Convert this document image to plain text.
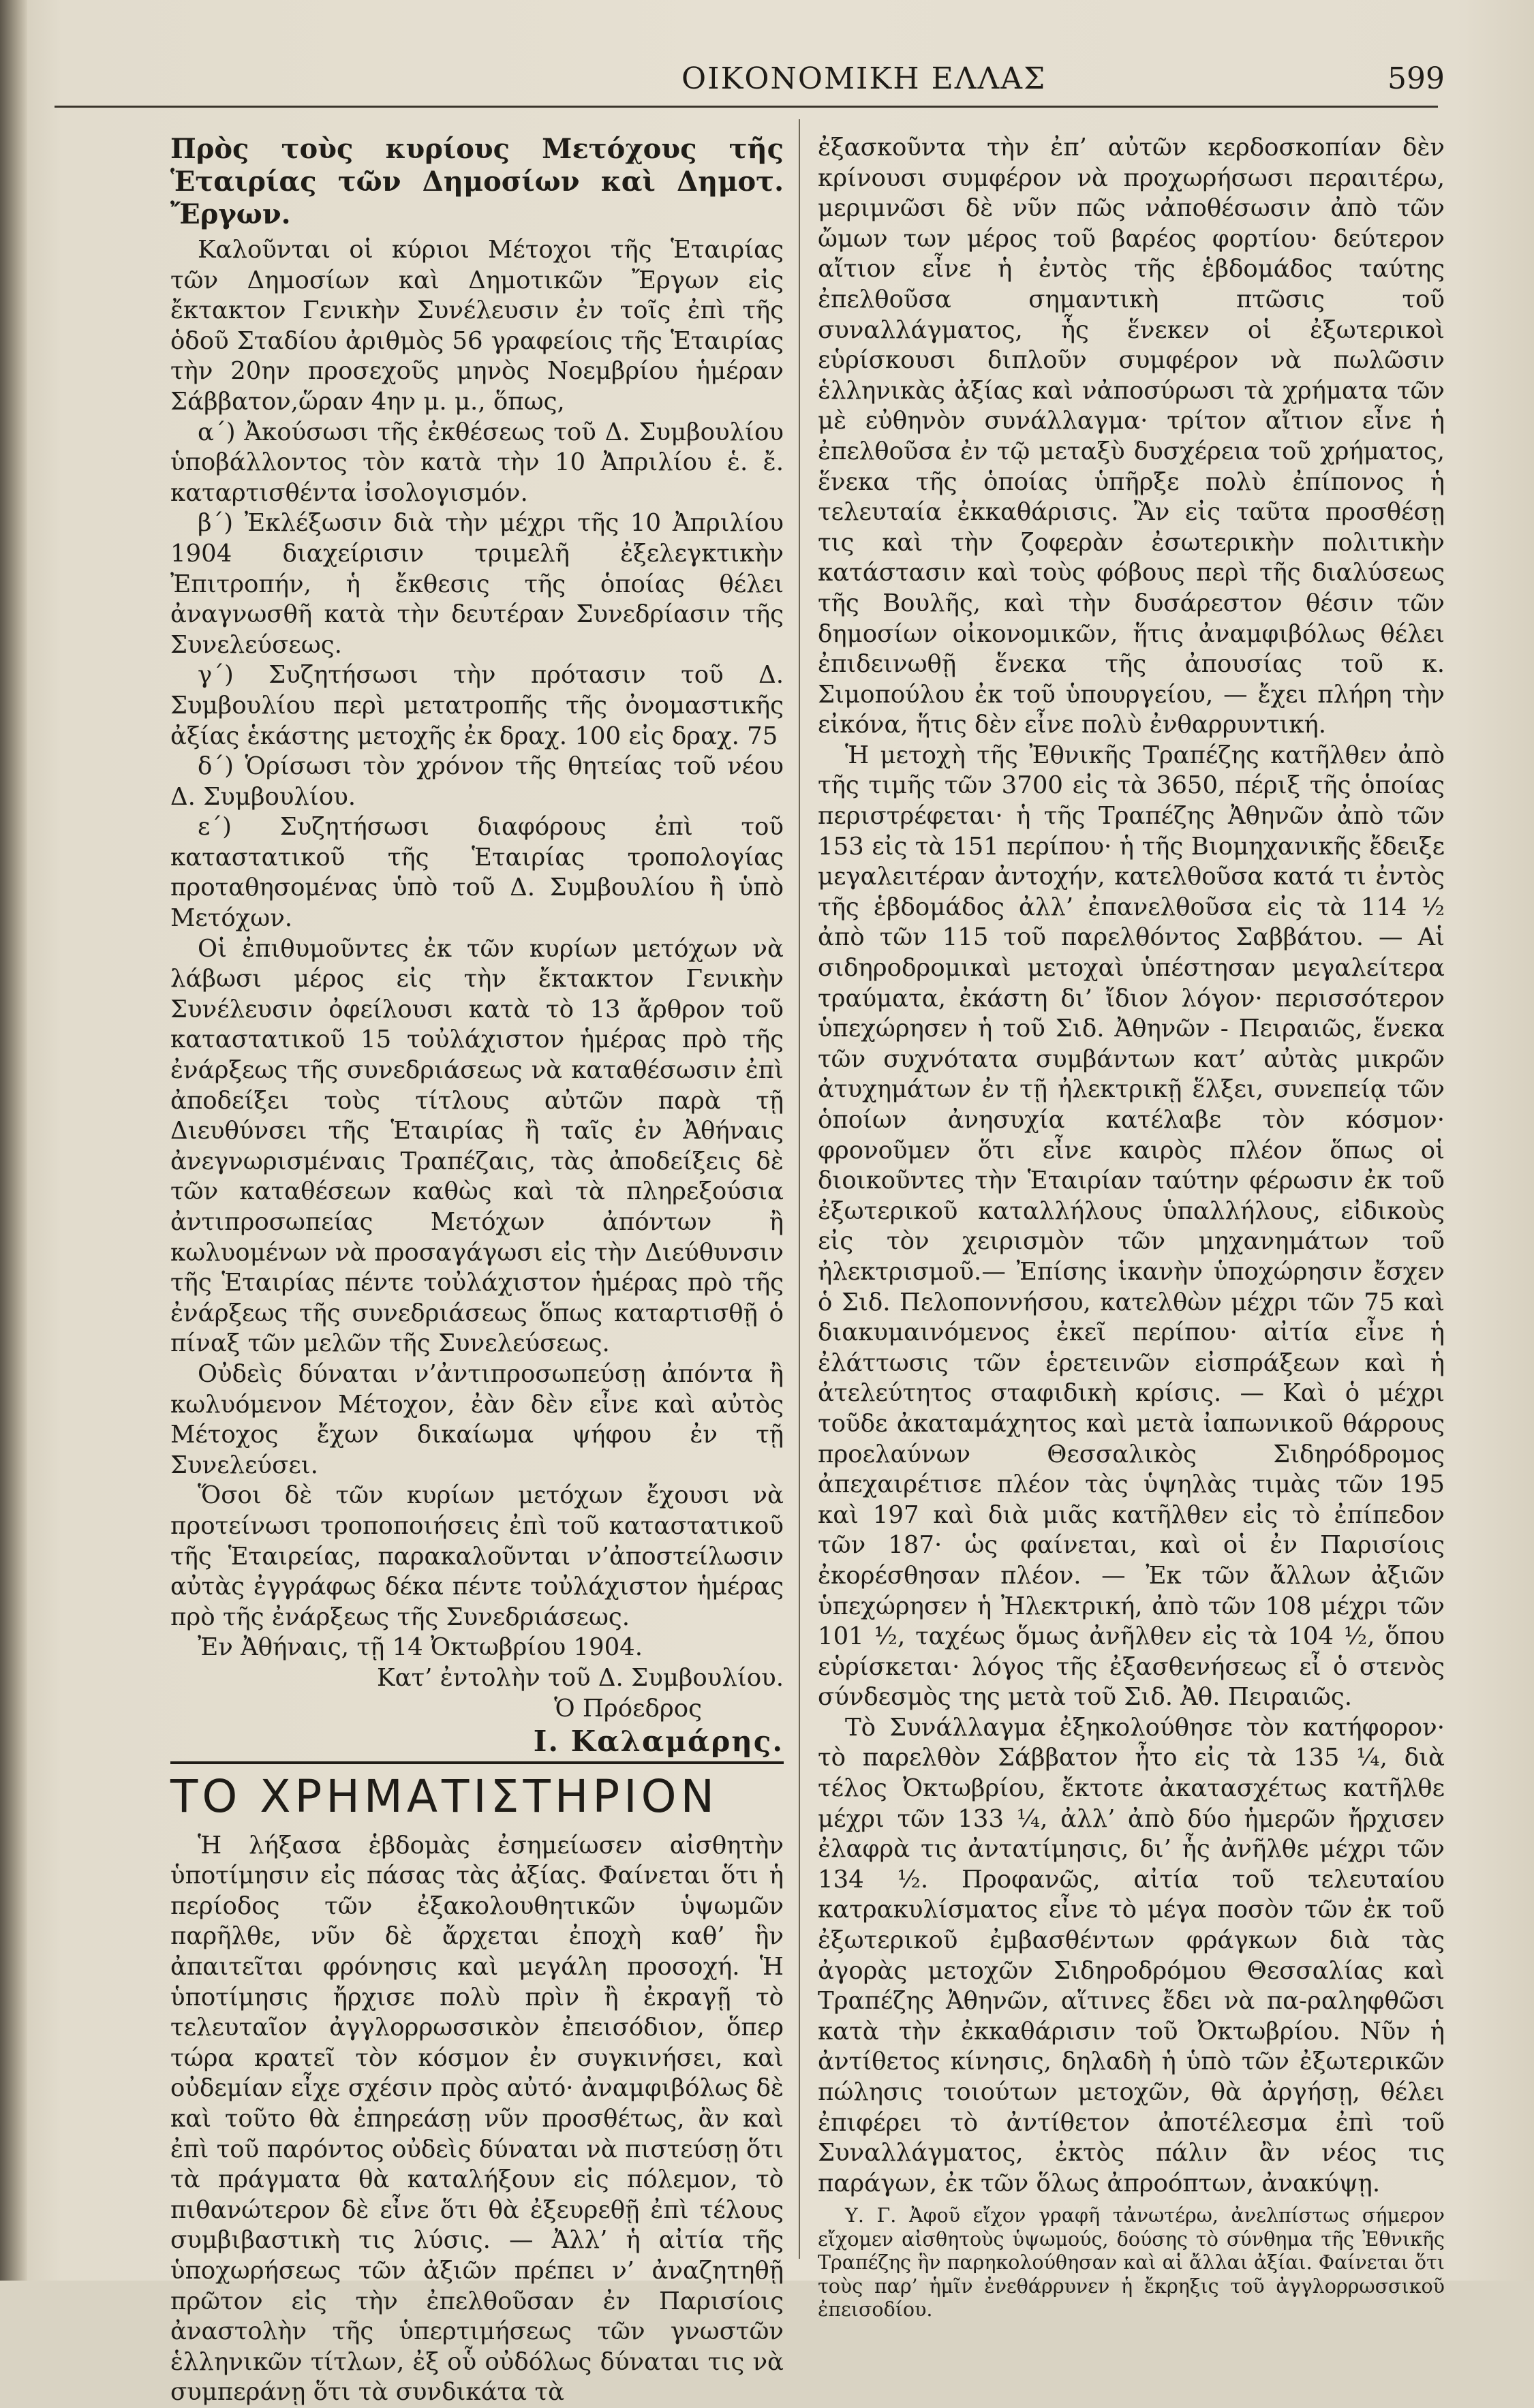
ΟΙΚΟΝΟΜΙΚΗ ΕΛΛΑΣ	599

Πρὸς τοὺς κυρίους Μετόχους τῆς Ἑταιρίας τῶν Δημοσίων καὶ Δημοτ. Ἔργων.

Καλοῦνται οἱ κύριοι Μέτοχοι τῆς Ἑταιρίας τῶν Δημοσίων καὶ Δημοτικῶν Ἔργων εἰς ἔκτακτον Γενικὴν Συνέλευσιν ἐν τοῖς ἐπὶ τῆς ὁδοῦ Σταδίου ἀριθμὸς 56 γραφείοις τῆς Ἑταιρίας τὴν 20ην προσεχοῦς μηνὸς Νοεμβρίου ἡμέραν Σάββατον,ὥραν 4ην μ. μ., ὅπως,

α΄) Ἀκούσωσι τῆς ἐκθέσεως τοῦ Δ. Συμβουλίου ὑποβάλλοντος τὸν κατὰ τὴν 10 Ἀπριλίου ἑ. ἔ. καταρτισθέντα ἰσολογισμόν.

β΄) Ἐκλέξωσιν διὰ τὴν μέχρι τῆς 10 Ἀπριλίου 1904 διαχείρισιν τριμελῆ ἐξελεγκτικὴν Ἐπιτροπήν, ἡ ἔκθεσις τῆς ὁποίας θέλει ἀναγνωσθῆ κατὰ τὴν δευτέραν Συνεδρίασιν τῆς Συνελεύσεως.

γ΄) Συζητήσωσι τὴν πρότασιν τοῦ Δ. Συμβουλίου περὶ μετατροπῆς τῆς ὀνομαστικῆς ἀξίας ἑκάστης μετοχῆς ἐκ δραχ. 100 εἰς δραχ. 75

δ΄) Ὁρίσωσι τὸν χρόνον τῆς θητείας τοῦ νέου Δ. Συμβουλίου.

ε΄) Συζητήσωσι διαφόρους ἐπὶ τοῦ καταστατικοῦ τῆς Ἑταιρίας τροπολογίας προταθησομένας ὑπὸ τοῦ Δ. Συμβουλίου ἢ ὑπὸ Μετόχων.

Οἱ ἐπιθυμοῦντες ἐκ τῶν κυρίων μετόχων νὰ λάβωσι μέρος εἰς τὴν ἔκτακτον Γενικὴν Συνέλευσιν ὀφείλουσι κατὰ τὸ 13 ἄρθρον τοῦ καταστατικοῦ 15 τοὐλάχιστον ἡμέρας πρὸ τῆς ἐνάρξεως τῆς συνεδριάσεως νὰ καταθέσωσιν ἐπὶ ἀποδείξει τοὺς τίτλους αὐτῶν παρὰ τῇ Διευθύνσει τῆς Ἑταιρίας ἢ ταῖς ἐν Ἀθήναις ἀνεγνωρισμέναις Τραπέζαις, τὰς ἀποδείξεις δὲ τῶν καταθέσεων καθὼς καὶ τὰ πληρεξούσια ἀντιπροσωπείας Μετόχων ἀπόντων ἢ κωλυομένων νὰ προσαγάγωσι εἰς τὴν Διεύθυνσιν τῆς Ἑταιρίας πέντε τοὐλάχιστον ἡμέρας πρὸ τῆς ἐνάρξεως τῆς συνεδριάσεως ὅπως καταρτισθῇ ὁ πίναξ τῶν μελῶν τῆς Συνελεύσεως.

Οὐδεὶς δύναται ν’ἀντιπροσωπεύσῃ ἀπόντα ἢ κωλυόμενον Μέτοχον, ἐὰν δὲν εἶνε καὶ αὐτὸς Μέτοχος ἔχων δικαίωμα ψήφου ἐν τῇ Συνελεύσει.

Ὅσοι δὲ τῶν κυρίων μετόχων ἔχουσι νὰ προτείνωσι τροποποιήσεις ἐπὶ τοῦ καταστατικοῦ τῆς Ἑταιρείας, παρακαλοῦνται ν’ἀποστείλωσιν αὐτὰς ἐγγράφως δέκα πέντε τοὐλάχιστον ἡμέρας πρὸ τῆς ἐνάρξεως τῆς Συνεδριάσεως.

Ἐν Ἀθήναις, τῇ 14 Ὀκτωβρίου 1904.

Κατ’ ἐντολὴν τοῦ Δ. Συμβουλίου.

Ὁ Πρόεδρος

Ι. Καλαμάρης.

ΤΟ ΧΡΗΜΑΤΙΣΤΗΡΙΟΝ

Ἡ λήξασα ἑβδομὰς ἐσημείωσεν αἰσθητὴν ὑποτίμησιν εἰς πάσας τὰς ἀξίας. Φαίνεται ὅτι ἡ περίοδος τῶν ἐξακολουθητικῶν ὑψωμῶν παρῆλθε, νῦν δὲ ἄρχεται ἐποχὴ καθ’ ἣν ἀπαιτεῖται φρόνησις καὶ μεγάλη προσοχή. Ἡ ὑποτίμησις ἤρχισε πολὺ πρὶν ἢ ἐκραγῇ τὸ τελευταῖον ἀγγλορρωσσικὸν ἐπεισόδιον, ὅπερ τώρα κρατεῖ τὸν κόσμον ἐν συγκινήσει, καὶ οὐδεμίαν εἶχε σχέσιν πρὸς αὐτό· ἀναμφιβόλως δὲ καὶ τοῦτο θὰ ἐπηρεάσῃ νῦν προσθέτως, ἂν καὶ ἐπὶ τοῦ παρόντος οὐδεὶς δύναται νὰ πιστεύσῃ ὅτι τὰ πράγματα θὰ καταλήξουν εἰς πόλεμον, τὸ πιθανώτερον δὲ εἶνε ὅτι θὰ ἐξευρεθῇ ἐπὶ τέλους συμβιβαστικὴ τις λύσις. — Ἀλλ’ ἡ αἰτία τῆς ὑποχωρήσεως τῶν ἀξιῶν πρέπει ν’ ἀναζητηθῇ πρῶτον εἰς τὴν ἐπελθοῦσαν ἐν Παρισίοις ἀναστολὴν τῆς ὑπερτιμήσεως τῶν γνωστῶν ἑλληνικῶν τίτλων, ἐξ οὗ οὐδόλως δύναται τις νὰ συμπεράνῃ ὅτι τὰ συνδικάτα τὰ

ἐξασκοῦντα τὴν ἐπ’ αὐτῶν κερδοσκοπίαν δὲν κρίνουσι συμφέρον νὰ προχωρήσωσι περαιτέρω, μεριμνῶσι δὲ νῦν πῶς νἀποθέσωσιν ἀπὸ τῶν ὤμων των μέρος τοῦ βαρέος φορτίου· δεύτερον αἴτιον εἶνε ἡ ἐντὸς τῆς ἑβδομάδος ταύτης ἐπελθοῦσα σημαντικὴ πτῶσις τοῦ συναλλάγματος, ἧς ἕνεκεν οἱ ἐξωτερικοὶ εὑρίσκουσι διπλοῦν συμφέρον νὰ πωλῶσιν ἑλληνικὰς ἀξίας καὶ νἀποσύρωσι τὰ χρήματα τῶν μὲ εὐθηνὸν συνάλλαγμα· τρίτον αἴτιον εἶνε ἡ ἐπελθοῦσα ἐν τῷ μεταξὺ δυσχέρεια τοῦ χρήματος, ἕνεκα τῆς ὁποίας ὑπῆρξε πολὺ ἐπίπονος ἡ τελευταία ἐκκαθάρισις. Ἂν εἰς ταῦτα προσθέσῃ τις καὶ τὴν ζοφερὰν ἐσωτερικὴν πολιτικὴν κατάστασιν καὶ τοὺς φόβους περὶ τῆς διαλύσεως τῆς Βουλῆς, καὶ τὴν δυσάρεστον θέσιν τῶν δημοσίων οἰκονομικῶν, ἥτις ἀναμφιβόλως θέλει ἐπιδεινωθῇ ἕνεκα τῆς ἀπουσίας τοῦ κ. Σιμοπούλου ἐκ τοῦ ὑπουργείου, — ἔχει πλήρη τὴν εἰκόνα, ἥτις δὲν εἶνε πολὺ ἐνθαρρυντική.

Ἡ μετοχὴ τῆς Ἐθνικῆς Τραπέζης κατῆλθεν ἀπὸ τῆς τιμῆς τῶν 3700 εἰς τὰ 3650, πέριξ τῆς ὁποίας περιστρέφεται· ἡ τῆς Τραπέζης Ἀθηνῶν ἀπὸ τῶν 153 εἰς τὰ 151 περίπου· ἡ τῆς Βιομηχανικῆς ἔδειξε μεγαλειτέραν ἀντοχήν, κατελθοῦσα κατά τι ἐντὸς τῆς ἑβδομάδος ἀλλ’ ἐπανελθοῦσα εἰς τὰ 114 ½ ἀπὸ τῶν 115 τοῦ παρελθόντος Σαββάτου. — Αἱ σιδηροδρομικαὶ μετοχαὶ ὑπέστησαν μεγαλείτερα τραύματα, ἐκάστη δι’ ἴδιον λόγον· περισσότερον ὑπεχώρησεν ἡ τοῦ Σιδ. Ἀθηνῶν - Πειραιῶς, ἕνεκα τῶν συχνότατα συμβάντων κατ’ αὐτὰς μικρῶν ἀτυχημάτων ἐν τῇ ἠλεκτρικῇ ἕλξει, συνεπείᾳ τῶν ὁποίων ἀνησυχία κατέλαβε τὸν κόσμον· φρονοῦμεν ὅτι εἶνε καιρὸς πλέον ὅπως οἱ διοικοῦντες τὴν Ἑταιρίαν ταύτην φέρωσιν ἐκ τοῦ ἐξωτερικοῦ καταλλήλους ὑπαλλήλους, εἰδικοὺς εἰς τὸν χειρισμὸν τῶν μηχανημάτων τοῦ ἠλεκτρισμοῦ.— Ἐπίσης ἱκανὴν ὑποχώρησιν ἔσχεν ὁ Σιδ. Πελοποννήσου, κατελθὼν μέχρι τῶν 75 καὶ διακυμαινόμενος ἐκεῖ περίπου· αἰτία εἶνε ἡ ἐλάττωσις τῶν ἑρετεινῶν εἰσπράξεων καὶ ἡ ἀτελεύτητος σταφιδικὴ κρίσις. — Καὶ ὁ μέχρι τοῦδε ἀκαταμάχητος καὶ μετὰ ἰαπωνικοῦ θάρρους προελαύνων Θεσσαλικὸς Σιδηρόδρομος ἀπεχαιρέτισε πλέον τὰς ὑψηλὰς τιμὰς τῶν 195 καὶ 197 καὶ διὰ μιᾶς κατῆλθεν εἰς τὸ ἐπίπεδον τῶν 187· ὡς φαίνεται, καὶ οἱ ἐν Παρισίοις ἐκορέσθησαν πλέον. — Ἐκ τῶν ἄλλων ἀξιῶν ὑπεχώρησεν ἡ Ἠλεκτρική, ἀπὸ τῶν 108 μέχρι τῶν 101 ½, ταχέως ὅμως ἀνῆλθεν εἰς τὰ 104 ½, ὅπου εὑρίσκεται· λόγος τῆς ἐξασθενήσεως εἶ ὁ στενὸς σύνδεσμὸς της μετὰ τοῦ Σιδ. Ἀθ. Πειραιῶς.

Τὸ Συνάλλαγμα ἐξηκολούθησε τὸν κατήφορον· τὸ παρελθὸν Σάββατον ἦτο εἰς τὰ 135 ¼, διὰ τέλος Ὀκτωβρίου, ἔκτοτε ἀκατασχέτως κατῆλθε μέχρι τῶν 133 ¼, ἀλλ’ ἀπὸ δύο ἡμερῶν ἤρχισεν ἐλαφρὰ τις ἀντατίμησις, δι’ ἧς ἀνῆλθε μέχρι τῶν 134 ½. Προφανῶς, αἰτία τοῦ τελευταίου κατρακυλίσματος εἶνε τὸ μέγα ποσὸν τῶν ἐκ τοῦ ἐξωτερικοῦ ἐμβασθέντων φράγκων διὰ τὰς ἀγορὰς μετοχῶν Σιδηροδρόμου Θεσσαλίας καὶ Τραπέζης Ἀθηνῶν, αἵτινες ἔδει νὰ πα-ραληφθῶσι κατὰ τὴν ἐκκαθάρισιν τοῦ Ὀκτωβρίου. Νῦν ἡ ἀντίθετος κίνησις, δηλαδὴ ἡ ὑπὸ τῶν ἐξωτερικῶν πώλησις τοιούτων μετοχῶν, θὰ ἀργήσῃ, θέλει ἐπιφέρει τὸ ἀντίθετον ἀποτέλεσμα ἐπὶ τοῦ Συναλλάγματος, ἐκτὸς πάλιν ἂν νέος τις παράγων, ἐκ τῶν ὅλως ἀπροόπτων, ἀνακύψῃ.

Υ. Γ. Ἀφοῦ εἴχον γραφῆ τἀνωτέρω, ἀνελπίστως σήμερον εἴχομεν αἰσθητοὺς ὑψωμούς, δούσης τὸ σύνθημα τῆς Ἐθνικῆς Τραπέζης ἣν παρηκολούθησαν καὶ αἱ ἄλλαι ἀξίαι. Φαίνεται ὅτι τοὺς παρ’ ἡμῖν ἐνεθάρρυνεν ἡ ἔκρηξις τοῦ ἀγγλορρωσσικοῦ ἐπεισοδίου.
